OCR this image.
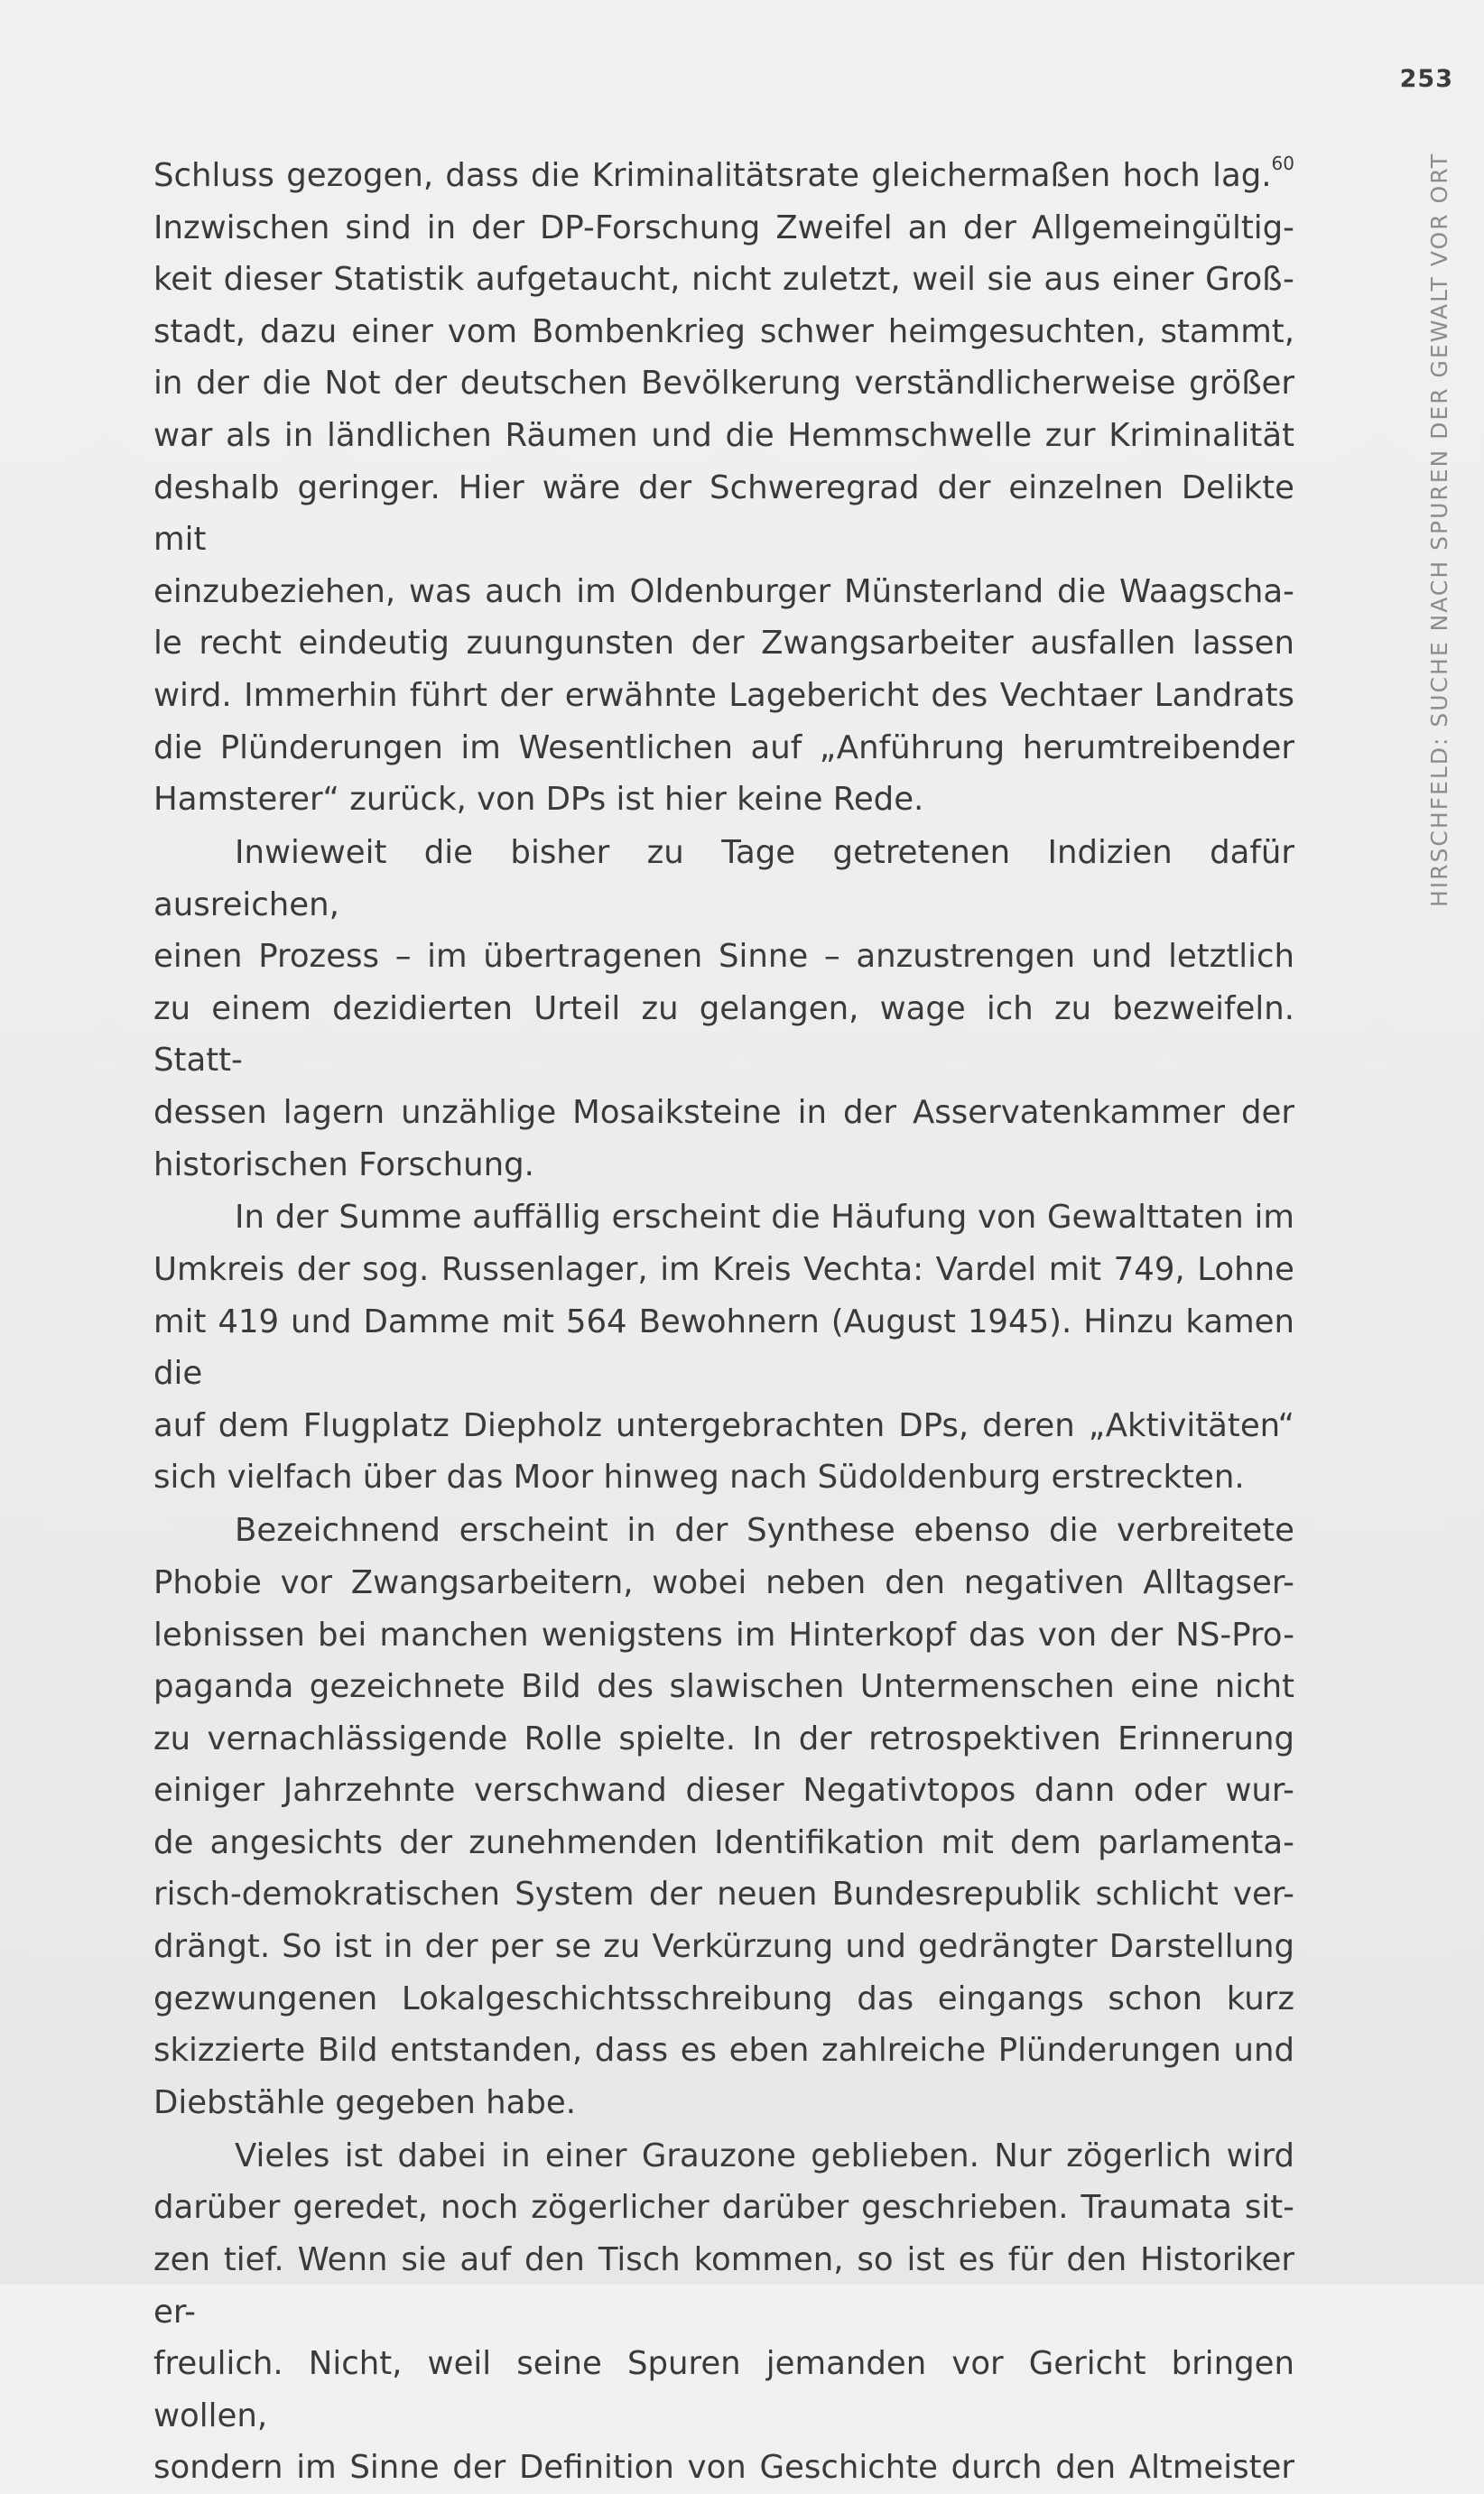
253
HIRSCHFELD: SUCHE NACH SPUREN DER GEWALT VOR ORT

Schluss gezogen, dass die Kriminalitätsrate gleichermaßen hoch lag.$^{60}$

Inzwischen sind in der DP-Forschung Zweifel an der Allgemeingültig-

keit dieser Statistik aufgetaucht, nicht zuletzt, weil sie aus einer Groß-

stadt, dazu einer vom Bombenkrieg schwer heimgesuchten, stammt,

in der die Not der deutschen Bevölkerung verständlicherweise größer

war als in ländlichen Räumen und die Hemmschwelle zur Kriminalität

deshalb geringer. Hier wäre der Schweregrad der einzelnen Delikte mit

einzubeziehen, was auch im Oldenburger Münsterland die Waagscha-

le recht eindeutig zuungunsten der Zwangsarbeiter ausfallen lassen

wird. Immerhin führt der erwähnte Lagebericht des Vechtaer Landrats

die Plünderungen im Wesentlichen auf „Anführung herumtreibender

Hamsterer“ zurück, von DPs ist hier keine Rede.

Inwieweit die bisher zu Tage getretenen Indizien dafür ausreichen,

einen Prozess – im übertragenen Sinne – anzustrengen und letztlich

zu einem dezidierten Urteil zu gelangen, wage ich zu bezweifeln. Statt-

dessen lagern unzählige Mosaiksteine in der Asservatenkammer der

historischen Forschung.

In der Summe auffällig erscheint die Häufung von Gewalttaten im

Umkreis der sog. Russenlager, im Kreis Vechta: Vardel mit 749, Lohne

mit 419 und Damme mit 564 Bewohnern (August 1945). Hinzu kamen die

auf dem Flugplatz Diepholz untergebrachten DPs, deren „Aktivitäten“

sich vielfach über das Moor hinweg nach Südoldenburg erstreckten.

Bezeichnend erscheint in der Synthese ebenso die verbreitete

Phobie vor Zwangsarbeitern, wobei neben den negativen Alltagser-

lebnissen bei manchen wenigstens im Hinterkopf das von der NS-Pro-

paganda gezeichnete Bild des slawischen Untermenschen eine nicht

zu vernachlässigende Rolle spielte. In der retrospektiven Erinnerung

einiger Jahrzehnte verschwand dieser Negativtopos dann oder wur-

de angesichts der zunehmenden Identifikation mit dem parlamenta-

risch-demokratischen System der neuen Bundesrepublik schlicht ver-

drängt. So ist in der per se zu Verkürzung und gedrängter Darstellung

gezwungenen Lokalgeschichtsschreibung das eingangs schon kurz

skizzierte Bild entstanden, dass es eben zahlreiche Plünderungen und

Diebstähle gegeben habe.

Vieles ist dabei in einer Grauzone geblieben. Nur zögerlich wird

darüber geredet, noch zögerlicher darüber geschrieben. Traumata sit-

zen tief. Wenn sie auf den Tisch kommen, so ist es für den Historiker er-

freulich. Nicht, weil seine Spuren jemanden vor Gericht bringen wollen,

sondern im Sinne der Definition von Geschichte durch den Altmeister
